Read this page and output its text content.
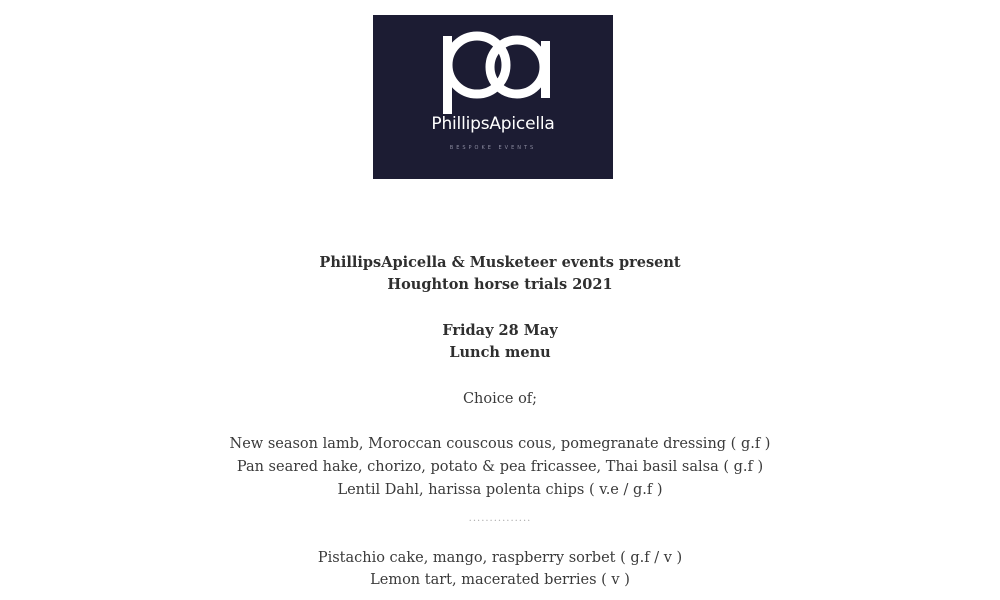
PhillipsApicella
BESPOKE EVENTS
PhillipsApicella & Musketeer events present
Houghton horse trials 2021
Friday 28 May
Lunch menu
Choice of;
New season lamb, Moroccan couscous cous, pomegranate dressing ( g.f )
Pan seared hake, chorizo, potato & pea fricassee, Thai basil salsa ( g.f )
Lentil Dahl, harissa polenta chips ( v.e / g.f )
...............
Pistachio cake, mango, raspberry sorbet ( g.f / v )
Lemon tart, macerated berries ( v )
